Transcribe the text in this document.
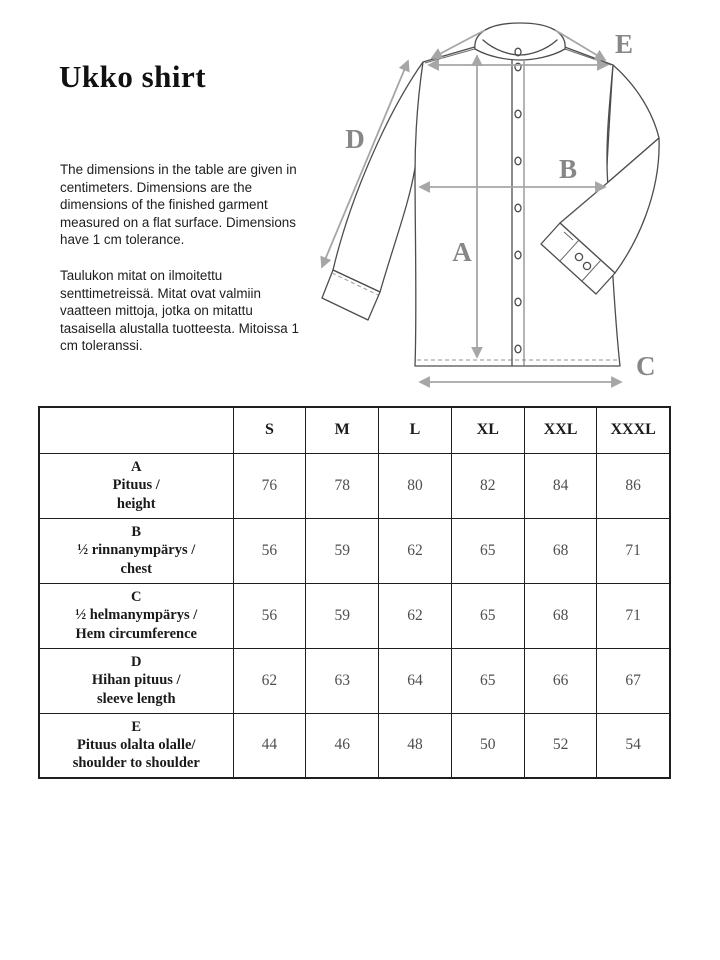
Ukko shirt
The dimensions in the table are given in centimeters. Dimensions are the dimensions of the finished garment measured on a flat surface. Dimensions have 1 cm tolerance.
Taulukon mitat on ilmoitettu senttimetreissä. Mitat ovat valmiin vaatteen mittoja, jotka on mitattu tasaisella alustalla tuotteesta. Mitoissa 1 cm toleranssi.
A
B
C
D
E
	S	M	L	XL	XXL	XXXL

A
Pituus /
height	76	78	80	82	84	86

B
½ rinnanympärys /
chest	56	59	62	65	68	71

C
½ helmanympärys /
Hem circumference	56	59	62	65	68	71

D
Hihan pituus /
sleeve length	62	63	64	65	66	67

E
Pituus olalta olalle/
shoulder to shoulder	44	46	48	50	52	54
